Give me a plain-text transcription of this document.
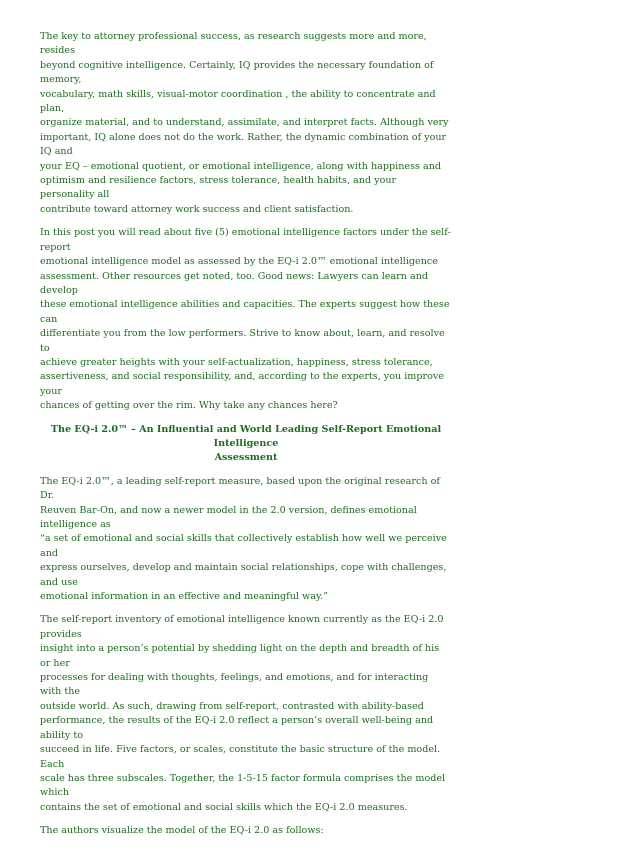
The key to attorney professional success, as research suggests more and more, resides
beyond cognitive intelligence. Certainly, IQ provides the necessary foundation of memory,
vocabulary, math skills, visual-motor coordination , the ability to concentrate and plan,
organize material, and to understand, assimilate, and interpret facts. Although very
important, IQ alone does not do the work. Rather, the dynamic combination of your IQ and
your EQ – emotional quotient, or emotional intelligence, along with happiness and
optimism and resilience factors, stress tolerance, health habits, and your personality all
contribute toward attorney work success and client satisfaction.

In this post you will read about five (5) emotional intelligence factors under the self-report
emotional intelligence model as assessed by the EQ-i 2.0™ emotional intelligence
assessment. Other resources get noted, too. Good news: Lawyers can learn and develop
these emotional intelligence abilities and capacities. The experts suggest how these can
differentiate you from the low performers. Strive to know about, learn, and resolve to
achieve greater heights with your self-actualization, happiness, stress tolerance,
assertiveness, and social responsibility, and, according to the experts, you improve your
chances of getting over the rim. Why take any chances here?

The EQ-i 2.0™ – An Influential and World Leading Self-Report Emotional Intelligence
Assessment

The EQ-i 2.0™, a leading self-report measure, based upon the original research of Dr.
Reuven Bar-On, and now a newer model in the 2.0 version, defines emotional intelligence as
“a set of emotional and social skills that collectively establish how well we perceive and
express ourselves, develop and maintain social relationships, cope with challenges, and use
emotional information in an effective and meaningful way.”

The self-report inventory of emotional intelligence known currently as the EQ-i 2.0 provides
insight into a person’s potential by shedding light on the depth and breadth of his or her
processes for dealing with thoughts, feelings, and emotions, and for interacting with the
outside world. As such, drawing from self-report, contrasted with ability-based
performance, the results of the EQ-i 2.0 reflect a person’s overall well-being and ability to
succeed in life. Five factors, or scales, constitute the basic structure of the model. Each
scale has three subscales. Together, the 1-5-15 factor formula comprises the model which
contains the set of emotional and social skills which the EQ-i 2.0 measures.

The authors visualize the model of the EQ-i 2.0 as follows:
